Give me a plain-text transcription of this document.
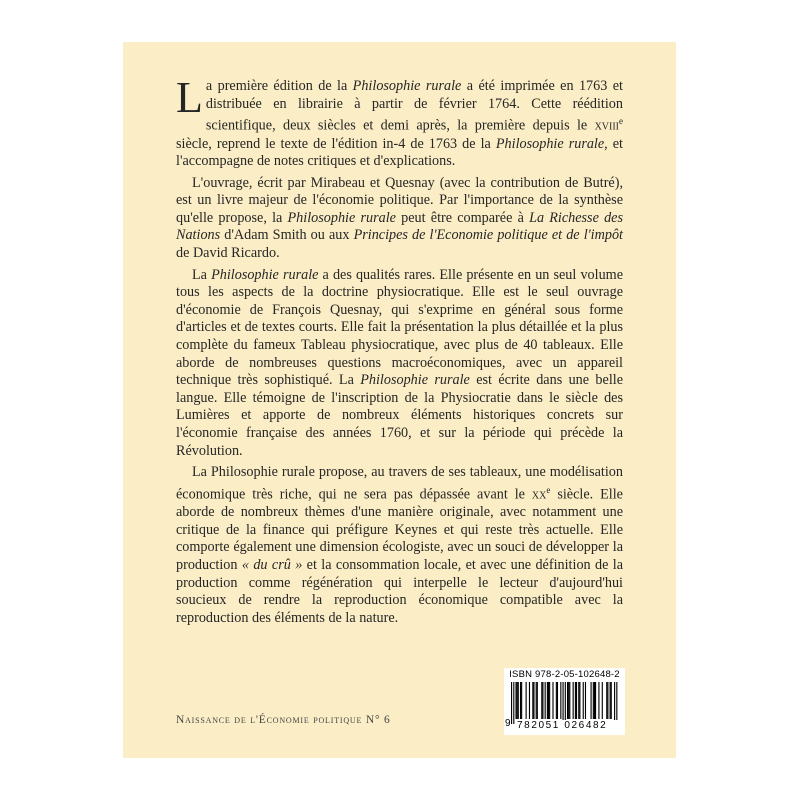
La première édition de la Philosophie rurale a été imprimée en 1763 et distribuée en librairie à partir de février 1764. Cette réédition scientifique, deux siècles et demi après, la première depuis le xviii$^e$ siècle, reprend le texte de l'édition in-4 de 1763 de la Philosophie rurale, et l'accompagne de notes critiques et d'explications.

L'ouvrage, écrit par Mirabeau et Quesnay (avec la contribution de Butré), est un livre majeur de l'économie politique. Par l'importance de la synthèse qu'elle propose, la Philosophie rurale peut être comparée à La Richesse des Nations d'Adam Smith ou aux Principes de l'Economie politique et de l'impôt de David Ricardo.

La Philosophie rurale a des qualités rares. Elle présente en un seul volume tous les aspects de la doctrine physiocratique. Elle est le seul ouvrage d'économie de François Quesnay, qui s'exprime en général sous forme d'articles et de textes courts. Elle fait la présentation la plus détaillée et la plus complète du fameux Tableau physiocratique, avec plus de 40 tableaux. Elle aborde de nombreuses questions macroéconomiques, avec un appareil technique très sophistiqué. La Philosophie rurale est écrite dans une belle langue. Elle témoigne de l'inscription de la Physiocratie dans le siècle des Lumières et apporte de nombreux éléments historiques concrets sur l'économie française des années 1760, et sur la période qui précède la Révolution.

La Philosophie rurale propose, au travers de ses tableaux, une modélisation économique très riche, qui ne sera pas dépassée avant le $xx^e$ siècle. Elle aborde de nombreux thèmes d'une manière originale, avec notamment une critique de la finance qui préfigure Keynes et qui reste très actuelle. Elle comporte également une dimension écologiste, avec un souci de développer la production « du crû » et la consommation locale, et avec une définition de la production comme régénération qui interpelle le lecteur d'aujourd'hui soucieux de rendre la reproduction économique compatible avec la reproduction des éléments de la nature.

ISBN 978-2-05-102648-2
9 782051 026482
Naissance de l'Économie politique N° 6
